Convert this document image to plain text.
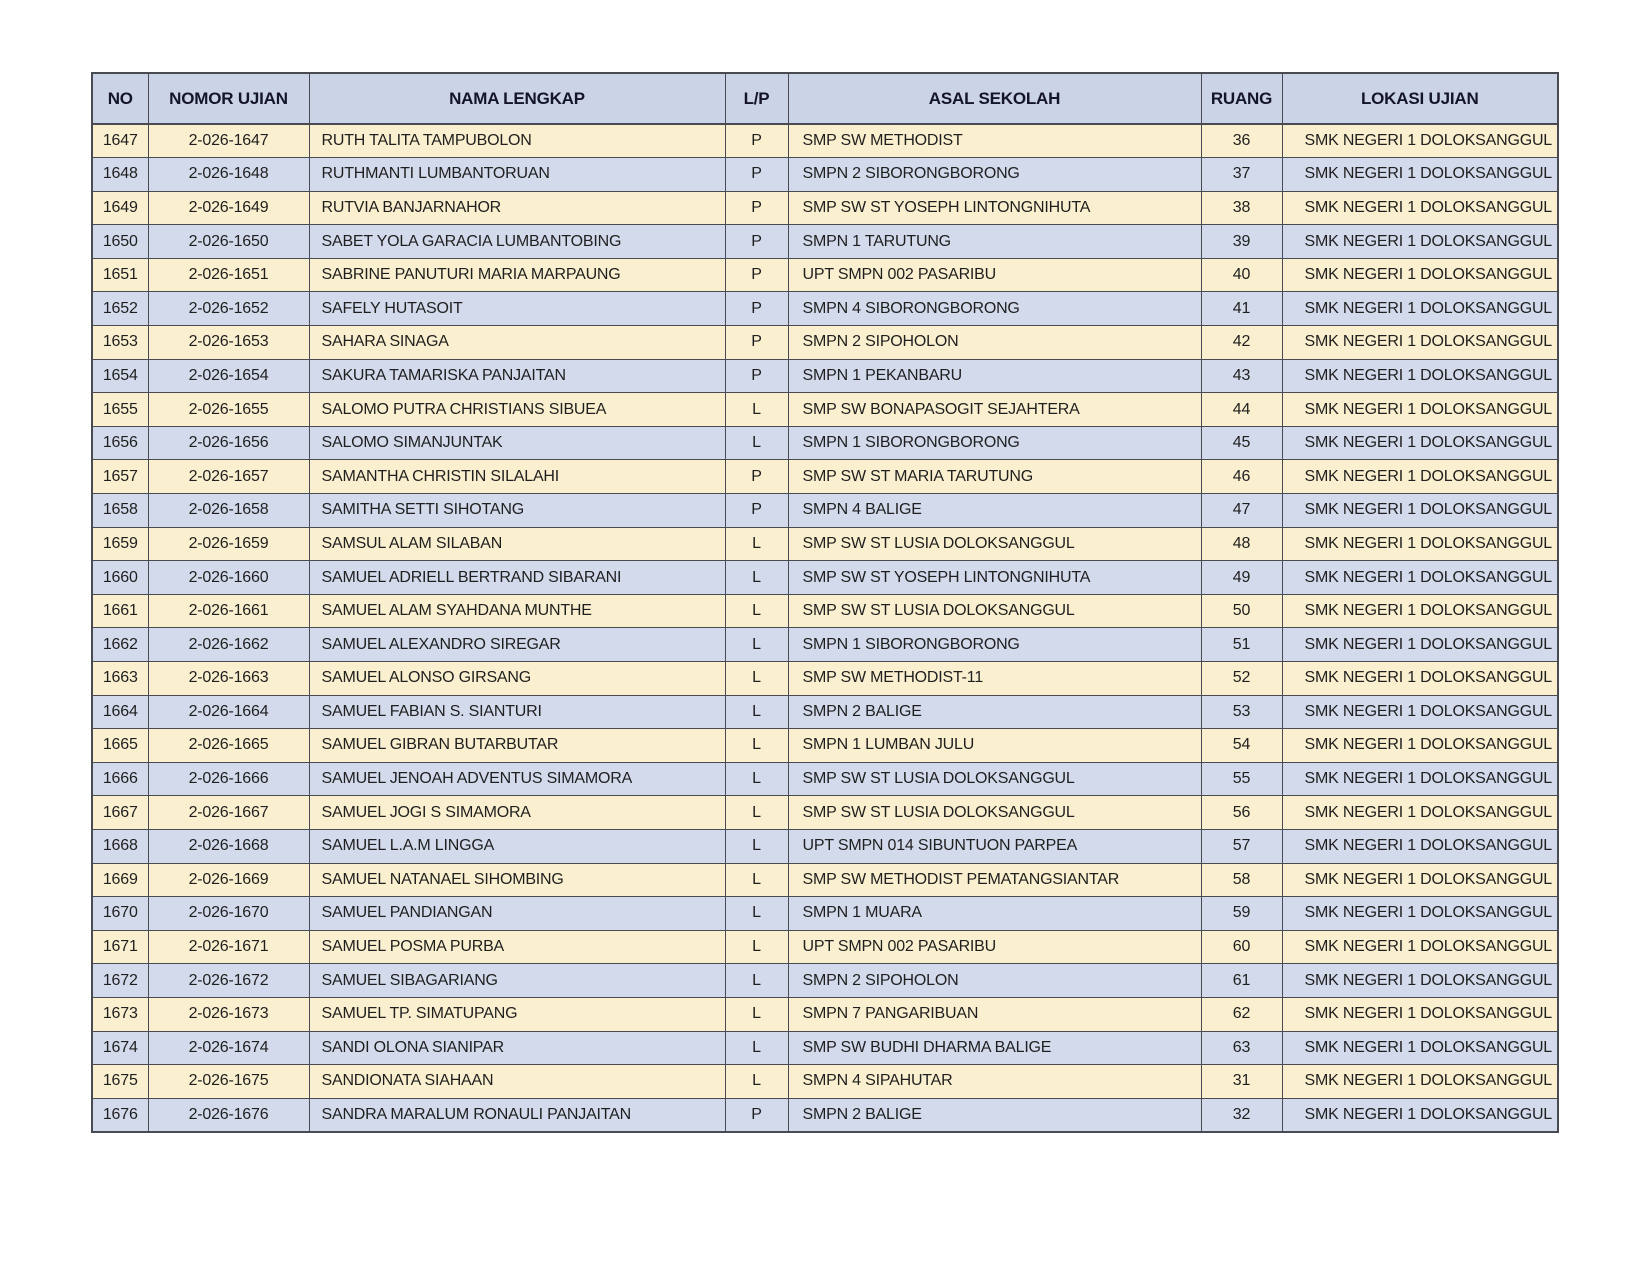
NO	NOMOR UJIAN	NAMA LENGKAP	L/P	ASAL SEKOLAH	RUANG	LOKASI UJIAN
1647	2-026-1647	RUTH TALITA TAMPUBOLON	P	SMP SW METHODIST	36	SMK NEGERI 1 DOLOKSANGGUL
1648	2-026-1648	RUTHMANTI LUMBANTORUAN	P	SMPN 2 SIBORONGBORONG	37	SMK NEGERI 1 DOLOKSANGGUL
1649	2-026-1649	RUTVIA BANJARNAHOR	P	SMP SW ST YOSEPH LINTONGNIHUTA	38	SMK NEGERI 1 DOLOKSANGGUL
1650	2-026-1650	SABET YOLA GARACIA LUMBANTOBING	P	SMPN 1 TARUTUNG	39	SMK NEGERI 1 DOLOKSANGGUL
1651	2-026-1651	SABRINE PANUTURI MARIA MARPAUNG	P	UPT SMPN 002 PASARIBU	40	SMK NEGERI 1 DOLOKSANGGUL
1652	2-026-1652	SAFELY HUTASOIT	P	SMPN 4 SIBORONGBORONG	41	SMK NEGERI 1 DOLOKSANGGUL
1653	2-026-1653	SAHARA SINAGA	P	SMPN 2 SIPOHOLON	42	SMK NEGERI 1 DOLOKSANGGUL
1654	2-026-1654	SAKURA TAMARISKA PANJAITAN	P	SMPN 1 PEKANBARU	43	SMK NEGERI 1 DOLOKSANGGUL
1655	2-026-1655	SALOMO PUTRA CHRISTIANS SIBUEA	L	SMP SW BONAPASOGIT SEJAHTERA	44	SMK NEGERI 1 DOLOKSANGGUL
1656	2-026-1656	SALOMO SIMANJUNTAK	L	SMPN 1 SIBORONGBORONG	45	SMK NEGERI 1 DOLOKSANGGUL
1657	2-026-1657	SAMANTHA CHRISTIN SILALAHI	P	SMP SW ST MARIA TARUTUNG	46	SMK NEGERI 1 DOLOKSANGGUL
1658	2-026-1658	SAMITHA SETTI SIHOTANG	P	SMPN 4 BALIGE	47	SMK NEGERI 1 DOLOKSANGGUL
1659	2-026-1659	SAMSUL ALAM SILABAN	L	SMP SW ST LUSIA DOLOKSANGGUL	48	SMK NEGERI 1 DOLOKSANGGUL
1660	2-026-1660	SAMUEL ADRIELL BERTRAND SIBARANI	L	SMP SW ST YOSEPH LINTONGNIHUTA	49	SMK NEGERI 1 DOLOKSANGGUL
1661	2-026-1661	SAMUEL ALAM SYAHDANA MUNTHE	L	SMP SW ST LUSIA DOLOKSANGGUL	50	SMK NEGERI 1 DOLOKSANGGUL
1662	2-026-1662	SAMUEL ALEXANDRO SIREGAR	L	SMPN 1 SIBORONGBORONG	51	SMK NEGERI 1 DOLOKSANGGUL
1663	2-026-1663	SAMUEL ALONSO GIRSANG	L	SMP SW METHODIST-11	52	SMK NEGERI 1 DOLOKSANGGUL
1664	2-026-1664	SAMUEL FABIAN S. SIANTURI	L	SMPN 2 BALIGE	53	SMK NEGERI 1 DOLOKSANGGUL
1665	2-026-1665	SAMUEL GIBRAN BUTARBUTAR	L	SMPN 1 LUMBAN JULU	54	SMK NEGERI 1 DOLOKSANGGUL
1666	2-026-1666	SAMUEL JENOAH ADVENTUS SIMAMORA	L	SMP SW ST LUSIA DOLOKSANGGUL	55	SMK NEGERI 1 DOLOKSANGGUL
1667	2-026-1667	SAMUEL JOGI S SIMAMORA	L	SMP SW ST LUSIA DOLOKSANGGUL	56	SMK NEGERI 1 DOLOKSANGGUL
1668	2-026-1668	SAMUEL L.A.M LINGGA	L	UPT SMPN 014 SIBUNTUON PARPEA	57	SMK NEGERI 1 DOLOKSANGGUL
1669	2-026-1669	SAMUEL NATANAEL SIHOMBING	L	SMP SW METHODIST PEMATANGSIANTAR	58	SMK NEGERI 1 DOLOKSANGGUL
1670	2-026-1670	SAMUEL PANDIANGAN	L	SMPN 1 MUARA	59	SMK NEGERI 1 DOLOKSANGGUL
1671	2-026-1671	SAMUEL POSMA PURBA	L	UPT SMPN 002 PASARIBU	60	SMK NEGERI 1 DOLOKSANGGUL
1672	2-026-1672	SAMUEL SIBAGARIANG	L	SMPN 2 SIPOHOLON	61	SMK NEGERI 1 DOLOKSANGGUL
1673	2-026-1673	SAMUEL TP. SIMATUPANG	L	SMPN 7 PANGARIBUAN	62	SMK NEGERI 1 DOLOKSANGGUL
1674	2-026-1674	SANDI OLONA SIANIPAR	L	SMP SW BUDHI DHARMA BALIGE	63	SMK NEGERI 1 DOLOKSANGGUL
1675	2-026-1675	SANDIONATA SIAHAAN	L	SMPN 4 SIPAHUTAR	31	SMK NEGERI 1 DOLOKSANGGUL
1676	2-026-1676	SANDRA MARALUM RONAULI PANJAITAN	P	SMPN 2 BALIGE	32	SMK NEGERI 1 DOLOKSANGGUL
